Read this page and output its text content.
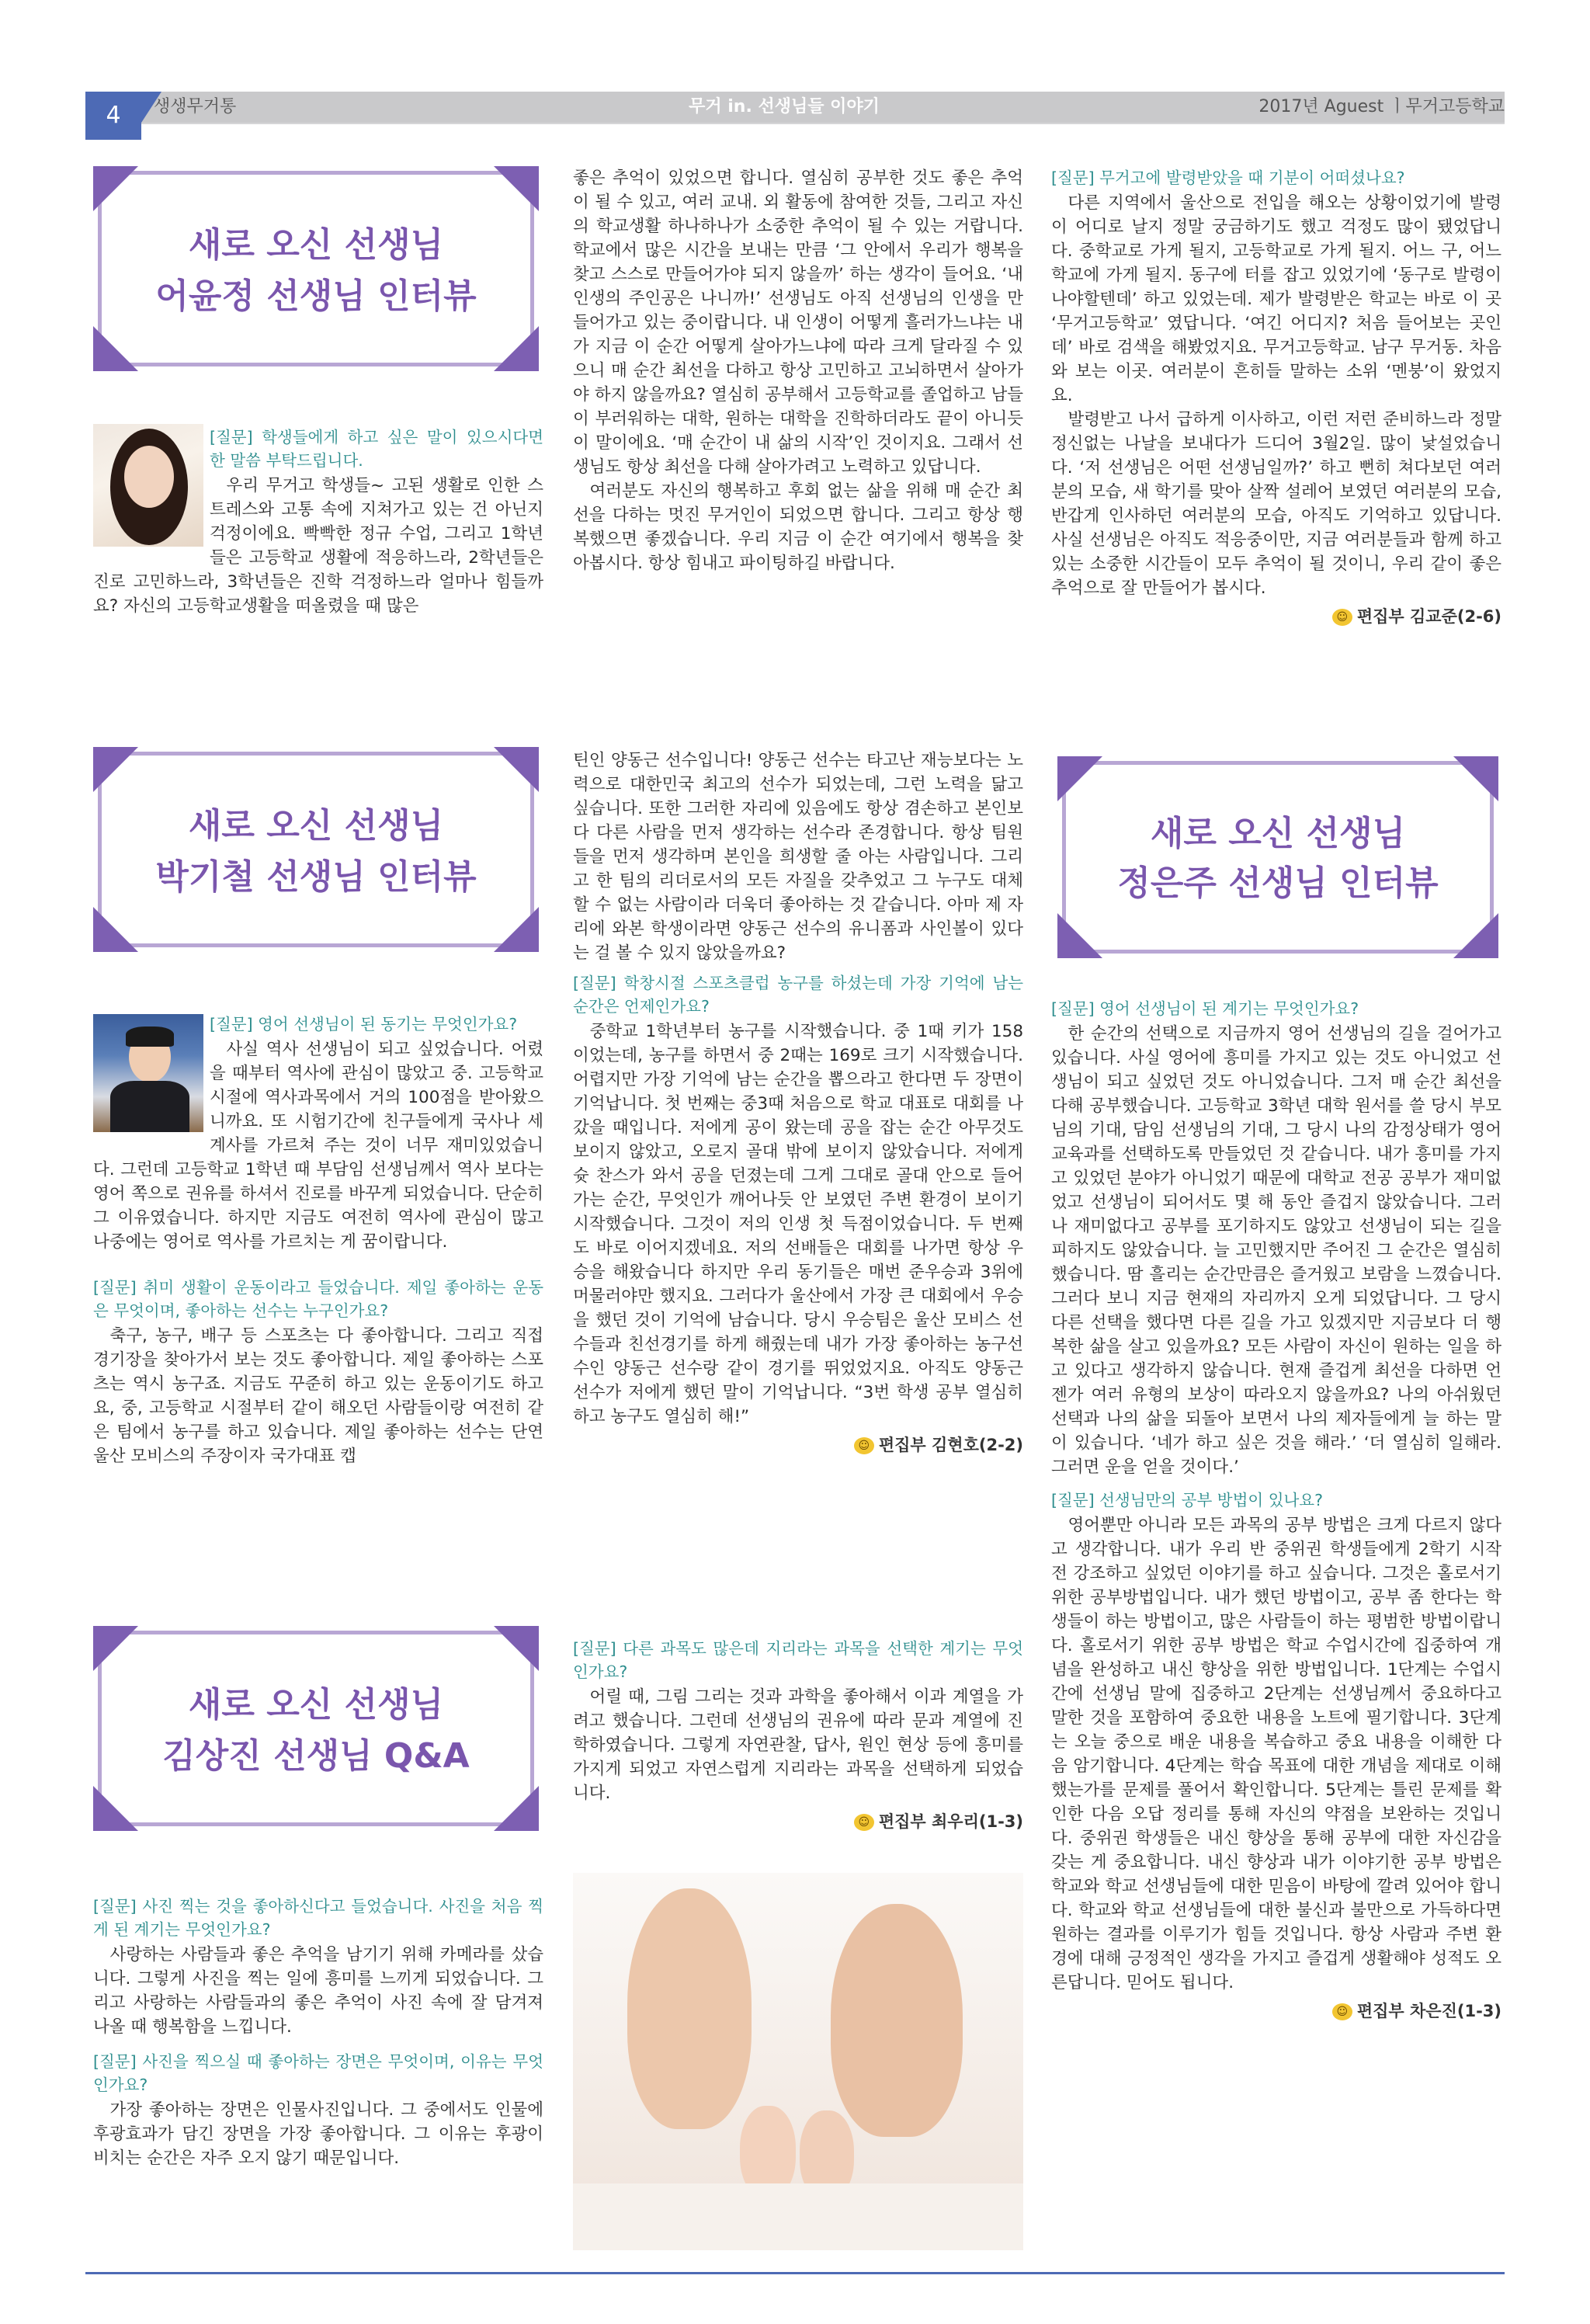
4	생생무거통	무거 in. 선생님들 이야기	2017년 Aguest ㅣ무거고등학교
새로 오신 선생님
어윤정 선생님 인터뷰
[질문] 학생들에게 하고 싶은 말이 있으시다면 한 말씀 부탁드립니다.

우리 무거고 학생들~ 고된 생활로 인한 스트레스와 고통 속에 지쳐가고 있는 건 아닌지 걱정이에요. 빡빡한 정규 수업, 그리고 1학년들은 고등학교 생활에 적응하느라, 2학년들은 진로 고민하느라, 3학년들은 진학 걱정하느라 얼마나 힘들까요? 자신의 고등학교생활을 떠올렸을 때 많은

좋은 추억이 있었으면 합니다. 열심히 공부한 것도 좋은 추억이 될 수 있고, 여러 교내. 외 활동에 참여한 것들, 그리고 자신의 학교생활 하나하나가 소중한 추억이 될 수 있는 거랍니다. 학교에서 많은 시간을 보내는 만큼 ‘그 안에서 우리가 행복을 찾고 스스로 만들어가야 되지 않을까’ 하는 생각이 들어요. ‘내 인생의 주인공은 나니까!’ 선생님도 아직 선생님의 인생을 만들어가고 있는 중이랍니다. 내 인생이 어떻게 흘러가느냐는 내가 지금 이 순간 어떻게 살아가느냐에 따라 크게 달라질 수 있으니 매 순간 최선을 다하고 항상 고민하고 고뇌하면서 살아가야 하지 않을까요? 열심히 공부해서 고등학교를 졸업하고 남들이 부러워하는 대학, 원하는 대학을 진학하더라도 끝이 아니듯이 말이에요. ‘매 순간이 내 삶의 시작’인 것이지요. 그래서 선생님도 항상 최선을 다해 살아가려고 노력하고 있답니다.

여러분도 자신의 행복하고 후회 없는 삶을 위해 매 순간 최선을 다하는 멋진 무거인이 되었으면 합니다. 그리고 항상 행복했으면 좋겠습니다. 우리 지금 이 순간 여기에서 행복을 찾아봅시다. 항상 힘내고 파이팅하길 바랍니다.

[질문] 무거고에 발령받았을 때 기분이 어떠셨나요?

다른 지역에서 울산으로 전입을 해오는 상황이었기에 발령이 어디로 날지 정말 궁금하기도 했고 걱정도 많이 됐었답니다. 중학교로 가게 될지, 고등학교로 가게 될지. 어느 구, 어느 학교에 가게 될지. 동구에 터를 잡고 있었기에 ‘동구로 발령이 나야할텐데’ 하고 있었는데. 제가 발령받은 학교는 바로 이 곳 ‘무거고등학교’ 였답니다. ‘여긴 어디지? 처음 들어보는 곳인데’ 바로 검색을 해봤었지요. 무거고등학교. 남구 무거동. 차음 와 보는 이곳. 여러분이 흔히들 말하는 소위 ‘멘붕’이 왔었지요.

발령받고 나서 급하게 이사하고, 이런 저런 준비하느라 정말 정신없는 나날을 보내다가 드디어 3월2일. 많이 낯설었습니다. ‘저 선생님은 어떤 선생님일까?’ 하고 뻔히 쳐다보던 여러분의 모습, 새 학기를 맞아 살짝 설레어 보였던 여러분의 모습, 반갑게 인사하던 여러분의 모습, 아직도 기억하고 있답니다. 사실 선생님은 아직도 적응중이만, 지금 여러분들과 함께 하고 있는 소중한 시간들이 모두 추억이 될 것이니, 우리 같이 좋은 추억으로 잘 만들어가 봅시다.

☺ 편집부 김교준(2-6)
새로 오신 선생님
박기철 선생님 인터뷰
[질문] 영어 선생님이 된 동기는 무엇인가요?

사실 역사 선생님이 되고 싶었습니다. 어렸을 때부터 역사에 관심이 많았고 중. 고등학교 시절에 역사과목에서 거의 100점을 받아왔으니까요. 또 시험기간에 친구들에게 국사나 세계사를 가르쳐 주는 것이 너무 재미있었습니다. 그런데 고등학교 1학년 때 부담임 선생님께서 역사 보다는 영어 쪽으로 권유를 하셔서 진로를 바꾸게 되었습니다. 단순히 그 이유였습니다. 하지만 지금도 여전히 역사에 관심이 많고 나중에는 영어로 역사를 가르치는 게 꿈이랍니다.

[질문] 취미 생활이 운동이라고 들었습니다. 제일 좋아하는 운동은 무엇이며, 좋아하는 선수는 누구인가요?

축구, 농구, 배구 등 스포츠는 다 좋아합니다. 그리고 직접 경기장을 찾아가서 보는 것도 좋아합니다. 제일 좋아하는 스포츠는 역시 농구죠. 지금도 꾸준히 하고 있는 운동이기도 하고요, 중, 고등학교 시절부터 같이 해오던 사람들이랑 여전히 같은 팀에서 농구를 하고 있습니다. 제일 좋아하는 선수는 단연 울산 모비스의 주장이자 국가대표 캡

틴인 양동근 선수입니다! 양동근 선수는 타고난 재능보다는 노력으로 대한민국 최고의 선수가 되었는데, 그런 노력을 닮고 싶습니다. 또한 그러한 자리에 있음에도 항상 겸손하고 본인보다 다른 사람을 먼저 생각하는 선수라 존경합니다. 항상 팀원들을 먼저 생각하며 본인을 희생할 줄 아는 사람입니다. 그리고 한 팀의 리더로서의 모든 자질을 갖추었고 그 누구도 대체할 수 없는 사람이라 더욱더 좋아하는 것 같습니다. 아마 제 자리에 와본 학생이라면 양동근 선수의 유니폼과 사인볼이 있다는 걸 볼 수 있지 않았을까요?

[질문] 학창시절 스포츠클럽 농구를 하셨는데 가장 기억에 남는 순간은 언제인가요?

중학교 1학년부터 농구를 시작했습니다. 중 1때 키가 158이었는데, 농구를 하면서 중 2때는 169로 크기 시작했습니다. 어렵지만 가장 기억에 남는 순간을 뽑으라고 한다면 두 장면이 기억납니다. 첫 번째는 중3때 처음으로 학교 대표로 대회를 나갔을 때입니다. 저에게 공이 왔는데 공을 잡는 순간 아무것도 보이지 않았고, 오로지 골대 밖에 보이지 않았습니다. 저에게 슛 찬스가 와서 공을 던졌는데 그게 그대로 골대 안으로 들어가는 순간, 무엇인가 깨어나듯 안 보였던 주변 환경이 보이기 시작했습니다. 그것이 저의 인생 첫 득점이었습니다. 두 번째도 바로 이어지겠네요. 저의 선배들은 대회를 나가면 항상 우승을 해왔습니다 하지만 우리 동기들은 매번 준우승과 3위에 머물러야만 했지요. 그러다가 울산에서 가장 큰 대회에서 우승을 했던 것이 기억에 남습니다. 당시 우승팀은 울산 모비스 선수들과 친선경기를 하게 해줬는데 내가 가장 좋아하는 농구선수인 양동근 선수랑 같이 경기를 뛰었었지요. 아직도 양동근 선수가 저에게 했던 말이 기억납니다. “3번 학생 공부 열심히 하고 농구도 열심히 해!”

☺ 편집부 김현호(2-2)
새로 오신 선생님
정은주 선생님 인터뷰
[질문] 영어 선생님이 된 계기는 무엇인가요?

한 순간의 선택으로 지금까지 영어 선생님의 길을 걸어가고 있습니다. 사실 영어에 흥미를 가지고 있는 것도 아니었고 선생님이 되고 싶었던 것도 아니었습니다. 그저 매 순간 최선을 다해 공부했습니다. 고등학교 3학년 대학 원서를 쓸 당시 부모님의 기대, 담임 선생님의 기대, 그 당시 나의 감정상태가 영어교육과를 선택하도록 만들었던 것 같습니다. 내가 흥미를 가지고 있었던 분야가 아니었기 때문에 대학교 전공 공부가 재미없었고 선생님이 되어서도 몇 해 동안 즐겁지 않았습니다. 그러나 재미없다고 공부를 포기하지도 않았고 선생님이 되는 길을 피하지도 않았습니다. 늘 고민했지만 주어진 그 순간은 열심히 했습니다. 땀 흘리는 순간만큼은 즐거웠고 보람을 느꼈습니다. 그러다 보니 지금 현재의 자리까지 오게 되었답니다. 그 당시 다른 선택을 했다면 다른 길을 가고 있겠지만 지금보다 더 행복한 삶을 살고 있을까요? 모든 사람이 자신이 원하는 일을 하고 있다고 생각하지 않습니다. 현재 즐겁게 최선을 다하면 언젠가 여러 유형의 보상이 따라오지 않을까요? 나의 아쉬웠던 선택과 나의 삶을 되돌아 보면서 나의 제자들에게 늘 하는 말이 있습니다. ‘네가 하고 싶은 것을 해라.’ ‘더 열심히 일해라. 그러면 운을 얻을 것이다.’

[질문] 선생님만의 공부 방법이 있나요?

영어뿐만 아니라 모든 과목의 공부 방법은 크게 다르지 않다고 생각합니다. 내가 우리 반 중위권 학생들에게 2학기 시작 전 강조하고 싶었던 이야기를 하고 싶습니다. 그것은 홀로서기 위한 공부방법입니다. 내가 했던 방법이고, 공부 좀 한다는 학생들이 하는 방법이고, 많은 사람들이 하는 평범한 방법이랍니다. 홀로서기 위한 공부 방법은 학교 수업시간에 집중하여 개념을 완성하고 내신 향상을 위한 방법입니다. 1단계는 수업시간에 선생님 말에 집중하고 2단계는 선생님께서 중요하다고 말한 것을 포함하여 중요한 내용을 노트에 필기합니다. 3단계는 오늘 중으로 배운 내용을 복습하고 중요 내용을 이해한 다음 암기합니다. 4단계는 학습 목표에 대한 개념을 제대로 이해했는가를 문제를 풀어서 확인합니다. 5단계는 틀린 문제를 확인한 다음 오답 정리를 통해 자신의 약점을 보완하는 것입니다. 중위권 학생들은 내신 향상을 통해 공부에 대한 자신감을 갖는 게 중요합니다. 내신 향상과 내가 이야기한 공부 방법은 학교와 학교 선생님들에 대한 믿음이 바탕에 깔려 있어야 합니다. 학교와 학교 선생님들에 대한 불신과 불만으로 가득하다면 원하는 결과를 이루기가 힘들 것입니다. 항상 사람과 주변 환경에 대해 긍정적인 생각을 가지고 즐겁게 생활해야 성적도 오른답니다. 믿어도 됩니다.

☺ 편집부 차은진(1-3)
새로 오신 선생님
김상진 선생님 Q&A
[질문] 사진 찍는 것을 좋아하신다고 들었습니다. 사진을 처음 찍게 된 계기는 무엇인가요?

사랑하는 사람들과 좋은 추억을 남기기 위해 카메라를 샀습니다. 그렇게 사진을 찍는 일에 흥미를 느끼게 되었습니다. 그리고 사랑하는 사람들과의 좋은 추억이 사진 속에 잘 담겨져 나올 때 행복함을 느낍니다.

[질문] 사진을 찍으실 때 좋아하는 장면은 무엇이며, 이유는 무엇인가요?

가장 좋아하는 장면은 인물사진입니다. 그 중에서도 인물에 후광효과가 담긴 장면을 가장 좋아합니다. 그 이유는 후광이 비치는 순간은 자주 오지 않기 때문입니다.

[질문] 다른 과목도 많은데 지리라는 과목을 선택한 계기는 무엇인가요?

어릴 때, 그림 그리는 것과 과학을 좋아해서 이과 계열을 가려고 했습니다. 그런데 선생님의 권유에 따라 문과 계열에 진학하였습니다. 그렇게 자연관찰, 답사, 원인 현상 등에 흥미를 가지게 되었고 자연스럽게 지리라는 과목을 선택하게 되었습니다.

☺ 편집부 최우리(1-3)
